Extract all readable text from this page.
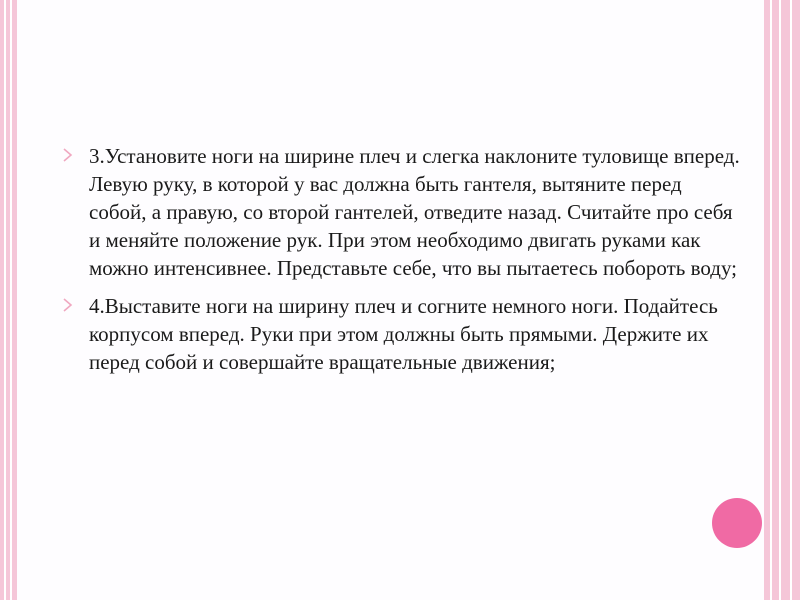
3.Установите ноги на ширине плеч и слегка наклоните туловище вперед. Левую руку, в которой у вас должна быть гантеля, вытяните перед собой, а правую, со второй гантелей, отведите назад. Считайте про себя и меняйте положение рук. При этом необходимо двигать руками как можно интенсивнее. Представьте себе, что вы пытаетесь побороть воду;
4.Выставите ноги на ширину плеч и согните немного ноги. Подайтесь корпусом вперед. Руки при этом должны быть прямыми. Держите их перед собой и совершайте вращательные движения;
